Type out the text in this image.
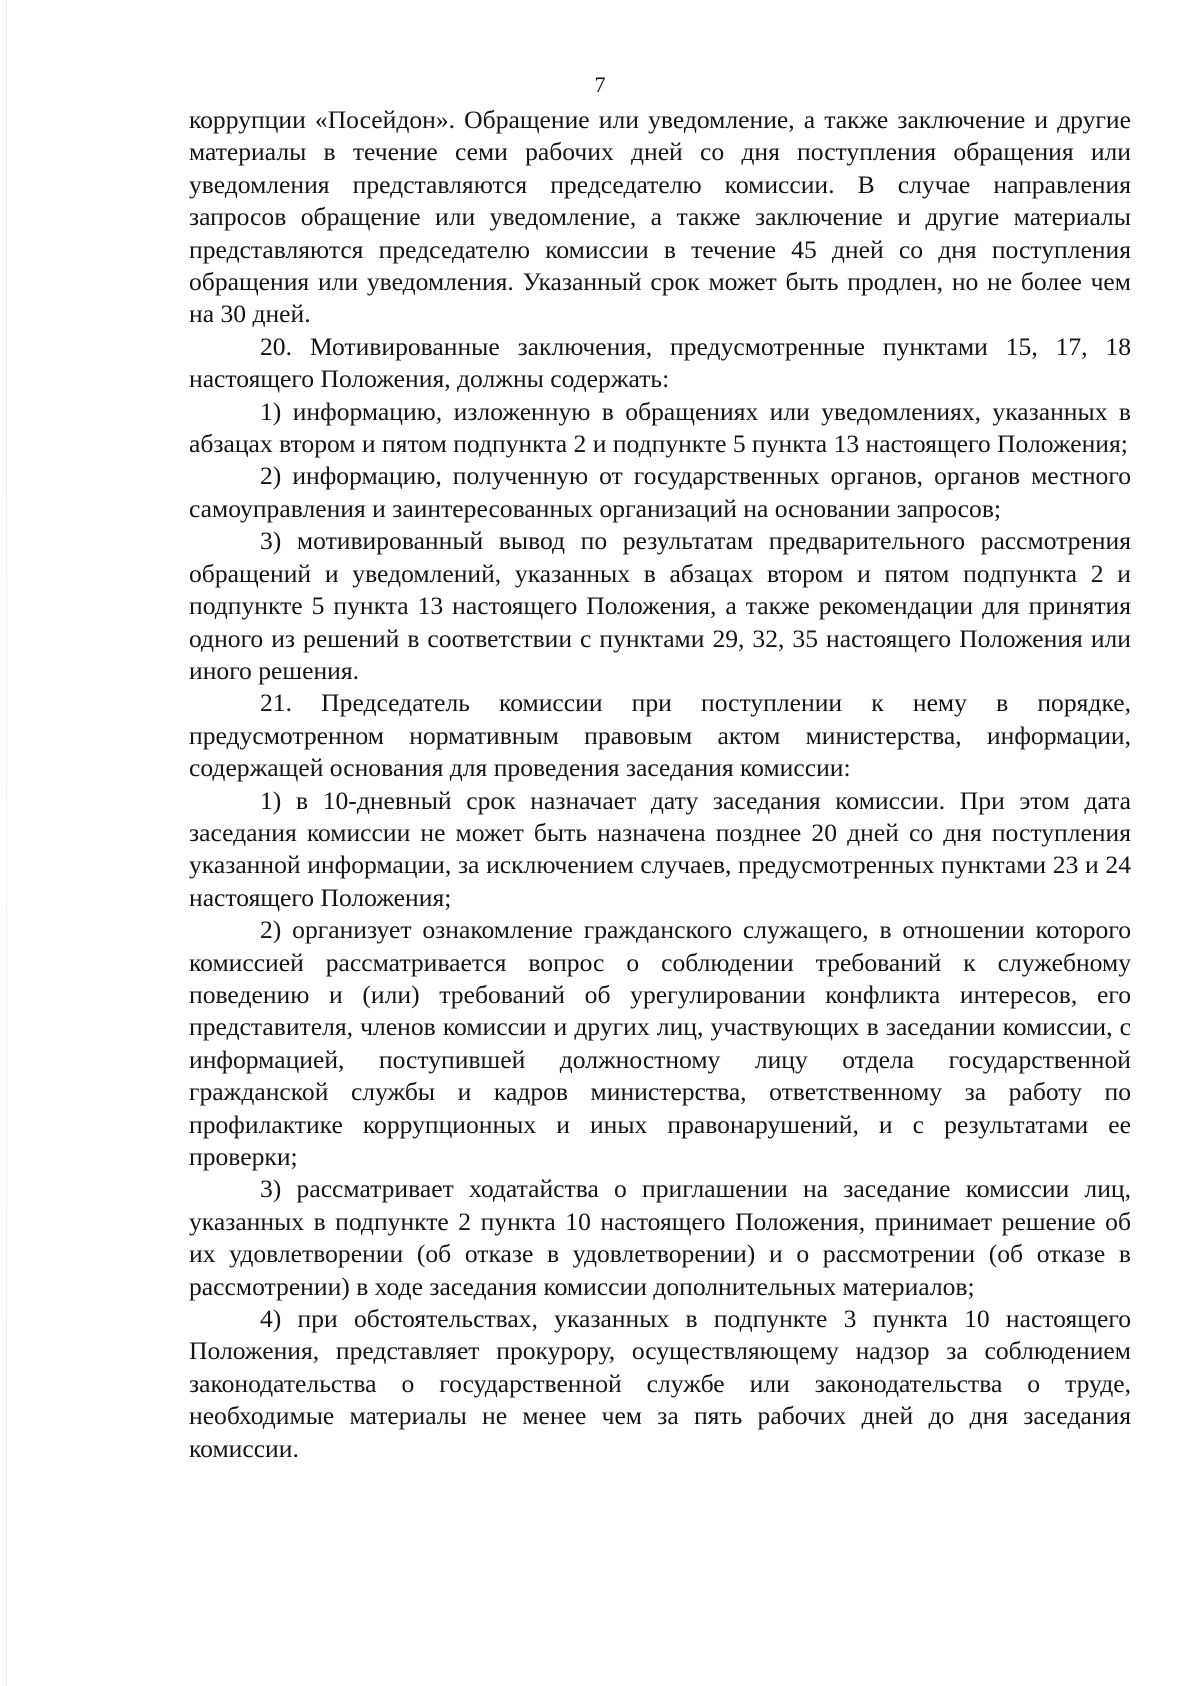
7

коррупции «Посейдон». Обращение или уведомление, а также заключение и другие материалы в течение семи рабочих дней со дня поступления обращения или уведомления представляются председателю комиссии. В случае направления запросов обращение или уведомление, а также заключение и другие материалы представляются председателю комиссии в течение 45 дней со дня поступления обращения или уведомления. Указанный срок может быть продлен, но не более чем на 30 дней.

20. Мотивированные заключения, предусмотренные пунктами 15, 17, 18 настоящего Положения, должны содержать:

1) информацию, изложенную в обращениях или уведомлениях, указанных в абзацах втором и пятом подпункта 2 и подпункте 5 пункта 13 настоящего Положения;

2) информацию, полученную от государственных органов, органов местного самоуправления и заинтересованных организаций на основании запросов;

3) мотивированный вывод по результатам предварительного рассмотрения обращений и уведомлений, указанных в абзацах втором и пятом подпункта 2 и подпункте 5 пункта 13 настоящего Положения, а также рекомендации для принятия одного из решений в соответствии с пунктами 29, 32, 35 настоящего Положения или иного решения.

21. Председатель комиссии при поступлении к нему в порядке, предусмотренном нормативным правовым актом министерства, информации, содержащей основания для проведения заседания комиссии:

1) в 10-дневный срок назначает дату заседания комиссии. При этом дата заседания комиссии не может быть назначена позднее 20 дней со дня поступления указанной информации, за исключением случаев, предусмотренных пунктами 23 и 24 настоящего Положения;

2) организует ознакомление гражданского служащего, в отношении которого комиссией рассматривается вопрос о соблюдении требований к служебному поведению и (или) требований об урегулировании конфликта интересов, его представителя, членов комиссии и других лиц, участвующих в заседании комиссии, с информацией, поступившей должностному лицу отдела государственной гражданской службы и кадров министерства, ответственному за работу по профилактике коррупционных и иных правонарушений, и с результатами ее проверки;

3) рассматривает ходатайства о приглашении на заседание комиссии лиц, указанных в подпункте 2 пункта 10 настоящего Положения, принимает решение об их удовлетворении (об отказе в удовлетворении) и о рассмотрении (об отказе в рассмотрении) в ходе заседания комиссии дополнительных материалов;

4) при обстоятельствах, указанных в подпункте 3 пункта 10 настоящего Положения, представляет прокурору, осуществляющему надзор за соблюдением законодательства о государственной службе или законодательства о труде, необходимые материалы не менее чем за пять рабочих дней до дня заседания комиссии.
